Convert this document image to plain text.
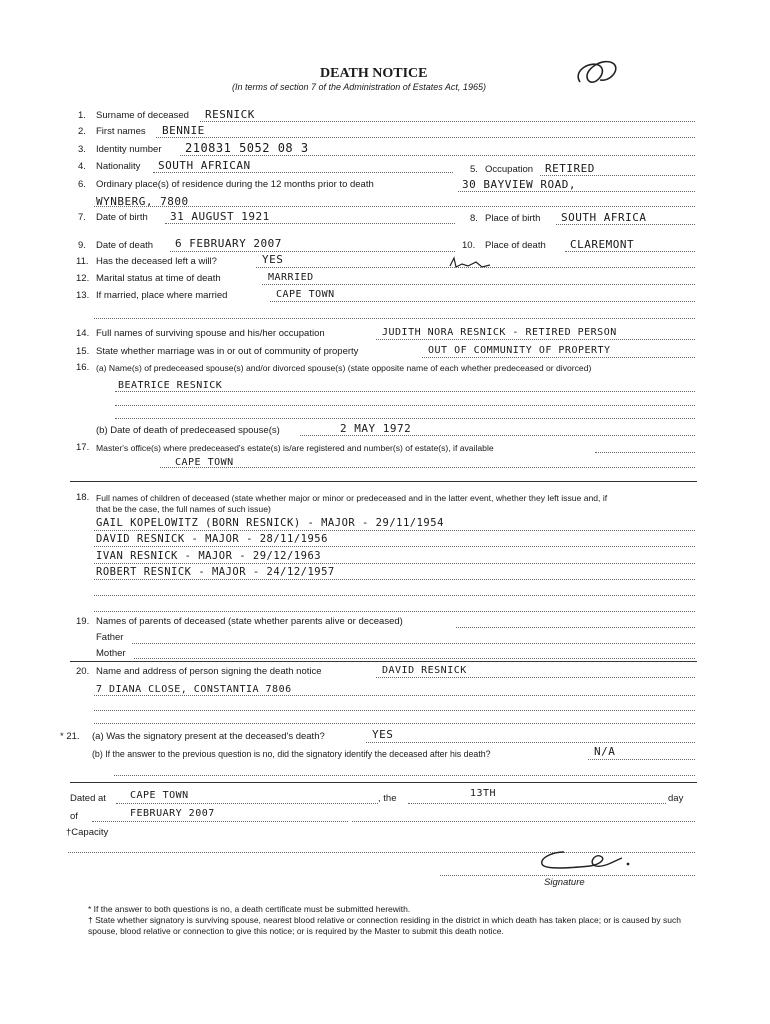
DEATH NOTICE
(In terms of section 7 of the Administration of Estates Act, 1965)
1. Surname of deceased RESNICK
2. First names BENNIE
3. Identity number 210831 5052 08 3
4. Nationality SOUTH AFRICAN	5. Occupation RETIRED
6. Ordinary place(s) of residence during the 12 months prior to death	30 BAYVIEW ROAD,
WYNBERG, 7800
7. Date of birth 31 AUGUST 1921	8. Place of birth SOUTH AFRICA
9. Date of death 6 FEBRUARY 2007	10. Place of death CLAREMONT
11. Has the deceased left a will?	YES
12. Marital status at time of death	MARRIED
13. If married, place where married	CAPE TOWN
14. Full names of surviving spouse and his/her occupation	JUDITH NORA RESNICK - RETIRED PERSON
15. State whether marriage was in or out of community of property	OUT OF COMMUNITY OF PROPERTY
16. (a) Name(s) of predeceased spouse(s) and/or divorced spouse(s) (state opposite name of each whether predeceased or divorced)
BEATRICE RESNICK
(b) Date of death of predeceased spouse(s)	2 MAY 1972
17. Master's office(s) where predeceased's estate(s) is/are registered and number(s) of estate(s), if available
CAPE TOWN
18. Full names of children of deceased (state whether major or minor or predeceased and in the latter event, whether they left issue and, if
that be the case, the full names of such issue)
GAIL KOPELOWITZ (BORN RESNICK) - MAJOR - 29/11/1954
DAVID RESNICK - MAJOR - 28/11/1956
IVAN RESNICK - MAJOR - 29/12/1963
ROBERT RESNICK - MAJOR - 24/12/1957
19. Names of parents of deceased (state whether parents alive or deceased)
Father
Mother
20. Name and address of person signing the death notice	DAVID RESNICK
7 DIANA CLOSE, CONSTANTIA 7806
* 21. (a) Was the signatory present at the deceased's death?	YES
(b) If the answer to the previous question is no, did the signatory identify the deceased after his death?	N/A
Dated at CAPE TOWN	, the	13TH	day
of	FEBRUARY 2007
†Capacity
Signature
* If the answer to both questions is no, a death certificate must be submitted herewith.
† State whether signatory is surviving spouse, nearest blood relative or connection residing in the district in which death has taken place; or is caused by such spouse, blood relative or connection to give this notice; or is required by the Master to submit this death notice.
